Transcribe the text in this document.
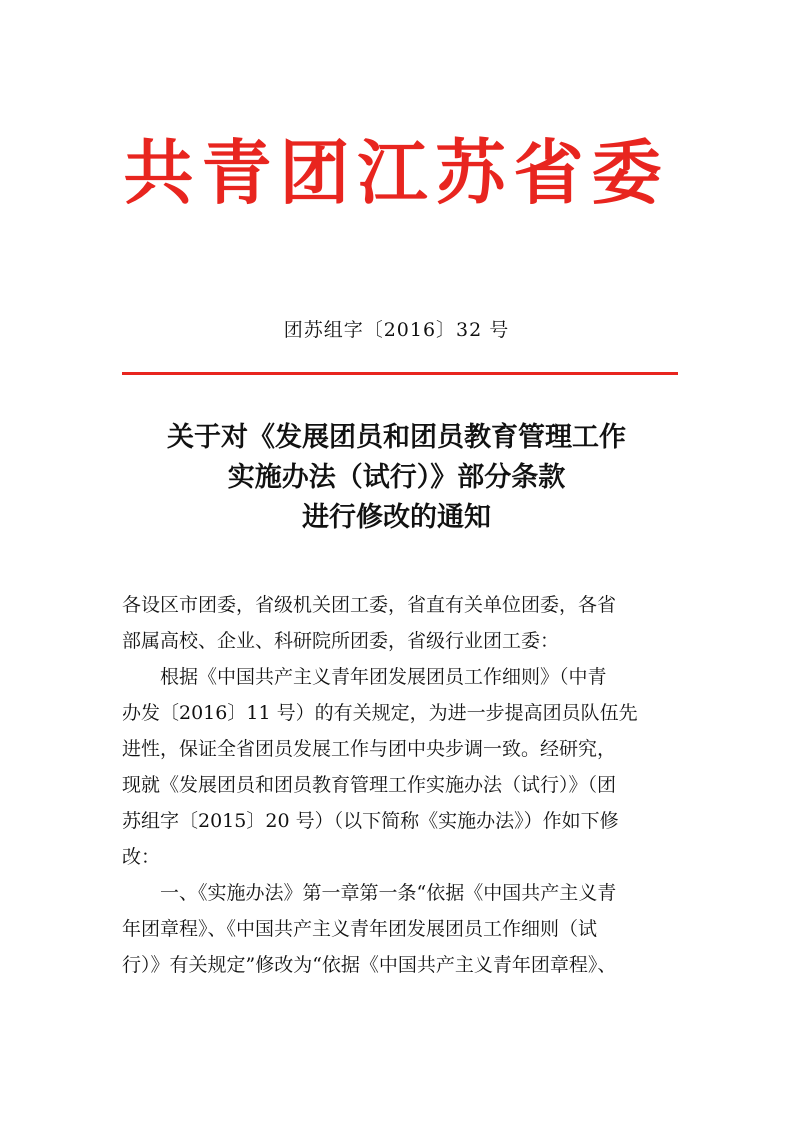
共青团江苏省委
团苏组字〔2016〕32 号
关于对《发展团员和团员教育管理工作
实施办法（试行）》部分条款
进行修改的通知

各设区市团委，省级机关团工委，省直有关单位团委，各省
部属高校、企业、科研院所团委，省级行业团工委：

根据《中国共产主义青年团发展团员工作细则》（中青
办发〔2016〕11 号）的有关规定，为进一步提高团员队伍先
进性，保证全省团员发展工作与团中央步调一致。经研究，
现就《发展团员和团员教育管理工作实施办法（试行）》（团
苏组字〔2015〕20 号）（以下简称《实施办法》）作如下修
改：

一、《实施办法》第一章第一条“依据《中国共产主义青
年团章程》、《中国共产主义青年团发展团员工作细则（试
行）》有关规定”修改为“依据《中国共产主义青年团章程》、
